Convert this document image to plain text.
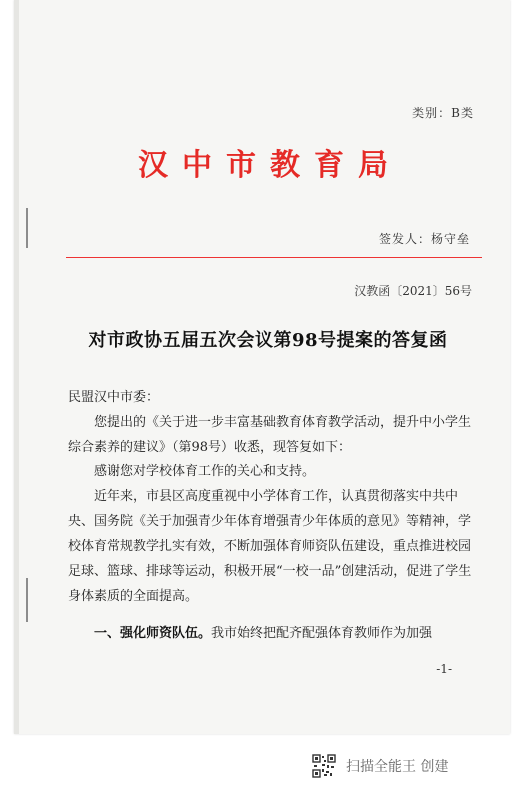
类别：B类
汉中市教育局
签发人：杨守垒
汉教函〔2021〕56号
对市政协五届五次会议第98号提案的答复函
民盟汉中市委：
您提出的《关于进一步丰富基础教育体育教学活动，提升中小学生综合素养的建议》（第98号）收悉，现答复如下：
感谢您对学校体育工作的关心和支持。
近年来，市县区高度重视中小学体育工作，认真贯彻落实中共中央、国务院《关于加强青少年体育增强青少年体质的意见》等精神，学校体育常规教学扎实有效，不断加强体育师资队伍建设，重点推进校园足球、篮球、排球等运动，积极开展“一校一品”创建活动，促进了学生身体素质的全面提高。
一、强化师资队伍。我市始终把配齐配强体育教师作为加强
-1-
扫描全能王 创建
